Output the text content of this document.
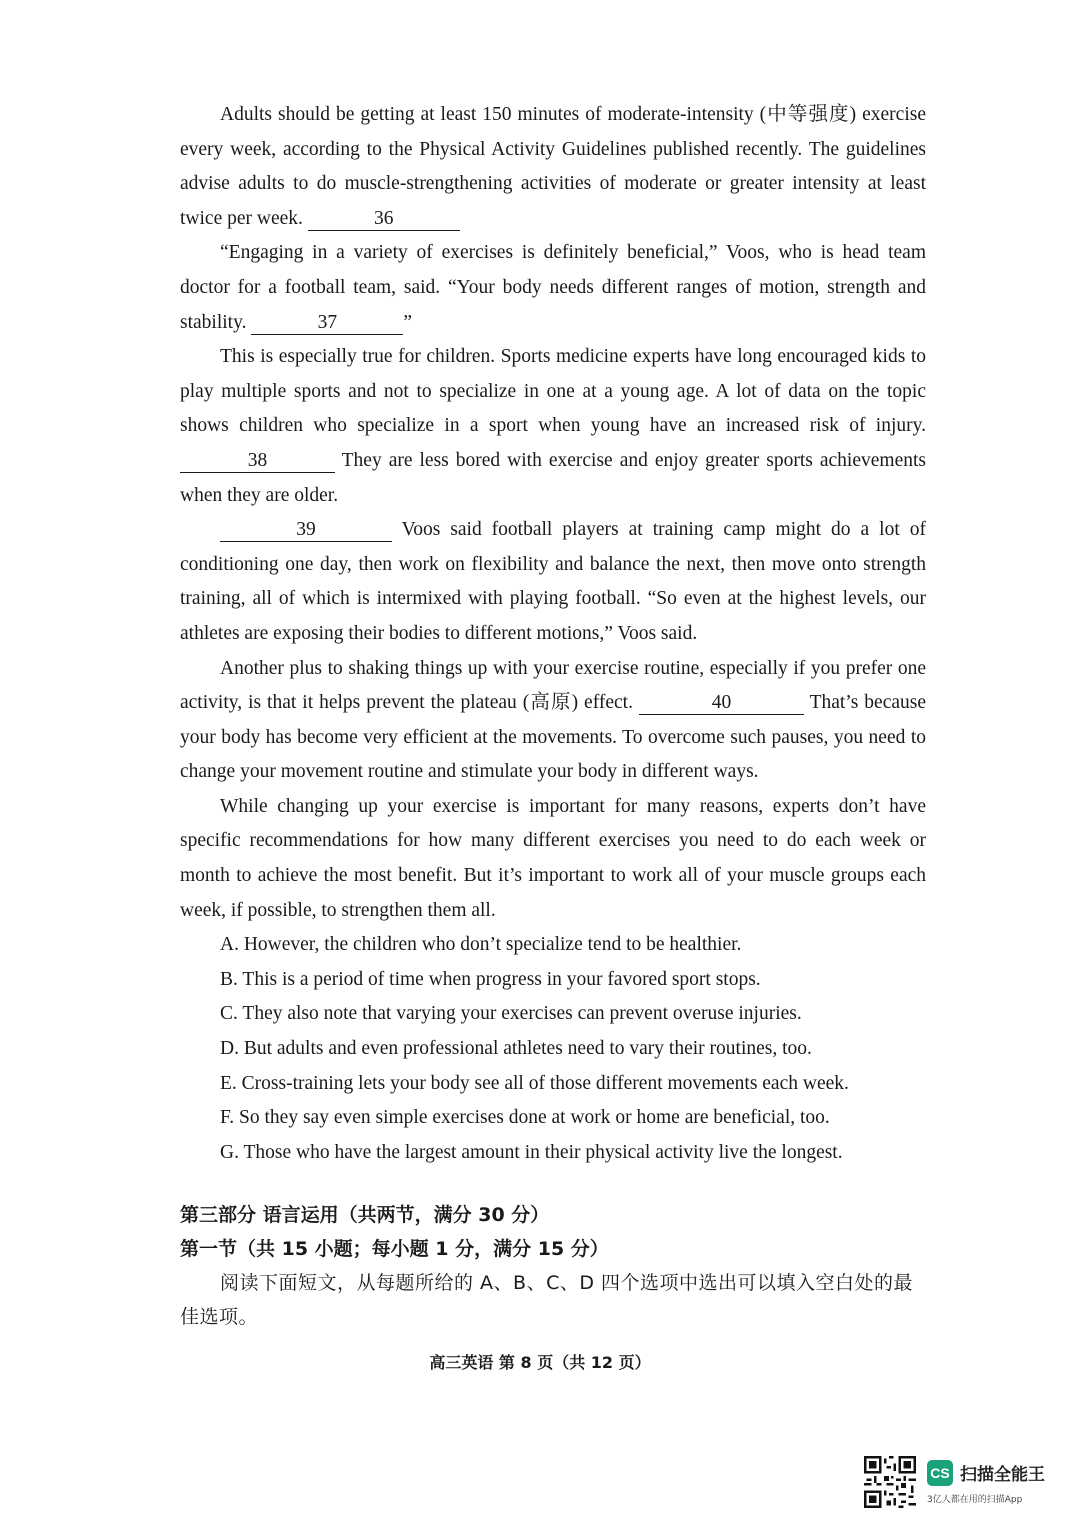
Adults should be getting at least 150 minutes of moderate-intensity (中等强度) exercise every week, according to the Physical Activity Guidelines published recently. The guidelines advise adults to do muscle-strengthening activities of moderate or greater intensity at least twice per week.	36

“Engaging in a variety of exercises is definitely beneficial,” Voos, who is head team doctor for a football team, said. “Your body needs different ranges of motion, strength and stability.	37	”

This is especially true for children. Sports medicine experts have long encouraged kids to play multiple sports and not to specialize in one at a young age. A lot of data on the topic shows children who specialize in a sport when young have an increased risk of injury. 38	They are less bored with exercise and enjoy greater sports achievements when they are older.

39	Voos said football players at training camp might do a lot of conditioning one day, then work on flexibility and balance the next, then move onto strength training, all of which is intermixed with playing football. “So even at the highest levels, our athletes are exposing their bodies to different motions,” Voos said.

Another plus to shaking things up with your exercise routine, especially if you prefer one activity, is that it helps prevent the plateau (高原) effect.	40	That’s because your body has become very efficient at the movements. To overcome such pauses, you need to change your movement routine and stimulate your body in different ways.

While changing up your exercise is important for many reasons, experts don’t have specific recommendations for how many different exercises you need to do each week or month to achieve the most benefit. But it’s important to work all of your muscle groups each week, if possible, to strengthen them all.

A. However, the children who don’t specialize tend to be healthier.
B. This is a period of time when progress in your favored sport stops.
C. They also note that varying your exercises can prevent overuse injuries.
D. But adults and even professional athletes need to vary their routines, too.
E. Cross-training lets your body see all of those different movements each week.
F. So they say even simple exercises done at work or home are beneficial, too.
G. Those who have the largest amount in their physical activity live the longest.

第三部分 语言运用（共两节，满分 30 分）

第一节（共 15 小题；每小题 1 分，满分 15 分）

阅读下面短文，从每题所给的 A、B、C、D 四个选项中选出可以填入空白处的最佳选项。

高三英语 第 8 页（共 12 页）
CS 扫描全能王
3亿人都在用的扫描App
